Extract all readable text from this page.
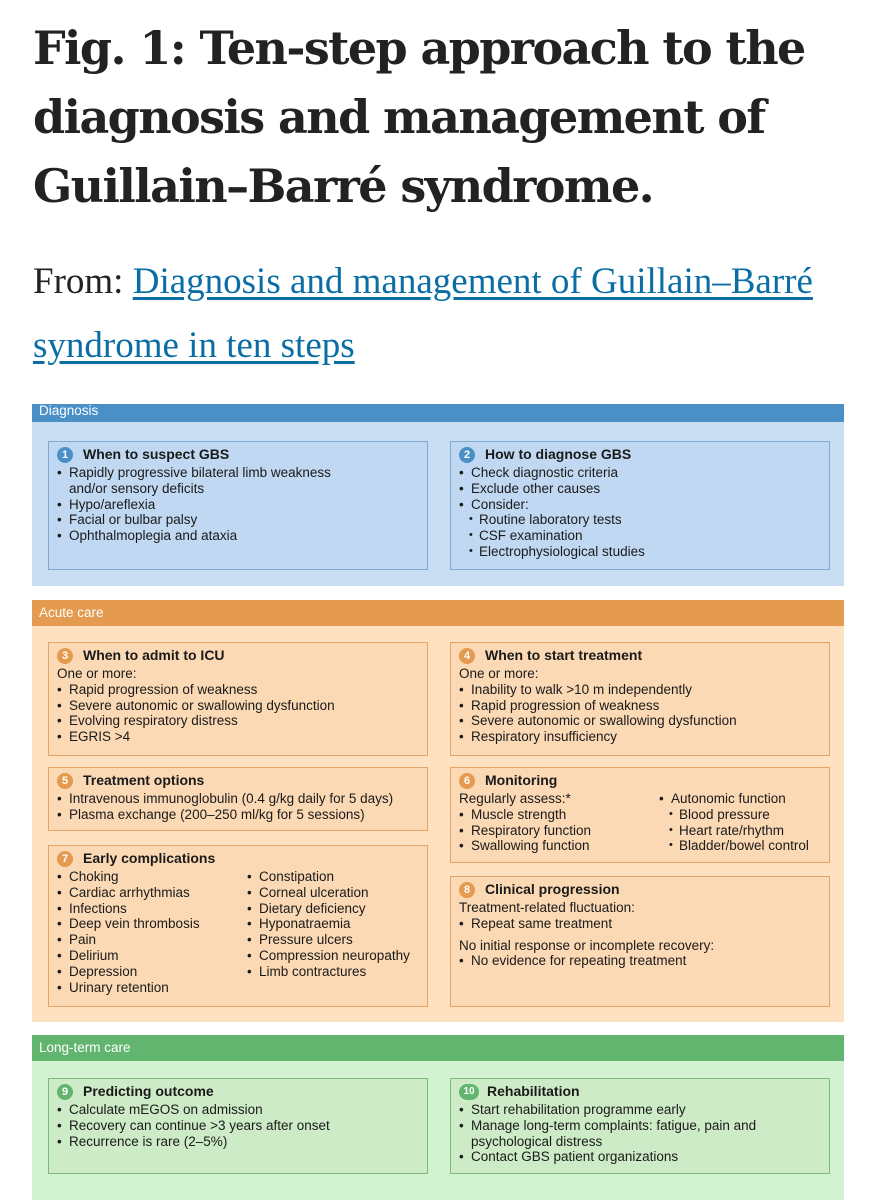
Fig. 1: Ten-step approach to the diagnosis and management of Guillain–Barré syndrome.

From: Diagnosis and management of Guillain–Barré syndrome in ten steps

Diagnosis
1	When to suspect GBS
• Rapidly progressive bilateral limb weakness
and/or sensory deficits
• Hypo/areflexia
• Facial or bulbar palsy
• Ophthalmoplegia and ataxia
2	How to diagnose GBS
• Check diagnostic criteria
• Exclude other causes
• Consider:
• Routine laboratory tests
• CSF examination
• Electrophysiological studies
Acute care
3	When to admit to ICU

One or more:

• Rapid progression of weakness
• Severe autonomic or swallowing dysfunction
• Evolving respiratory distress
• EGRIS >4
4	When to start treatment

One or more:

• Inability to walk >10 m independently
• Rapid progression of weakness
• Severe autonomic or swallowing dysfunction
• Respiratory insufficiency
5	Treatment options
• Intravenous immunoglobulin (0.4 g/kg daily for 5 days)
• Plasma exchange (200–250 ml/kg for 5 sessions)
6	Monitoring

Regularly assess:*

• Muscle strength
• Respiratory function
• Swallowing function
• Autonomic function
• Blood pressure
• Heart rate/rhythm
• Bladder/bowel control
7	Early complications
• Choking
• Cardiac arrhythmias
• Infections
• Deep vein thrombosis
• Pain
• Delirium
• Depression
• Urinary retention
• Constipation
• Corneal ulceration
• Dietary deficiency
• Hyponatraemia
• Pressure ulcers
• Compression neuropathy
• Limb contractures
8	Clinical progression

Treatment-related fluctuation:

• Repeat same treatment

No initial response or incomplete recovery:

• No evidence for repeating treatment
Long-term care
9	Predicting outcome
• Calculate mEGOS on admission
• Recovery can continue >3 years after onset
• Recurrence is rare (2–5%)
10 Rehabilitation
• Start rehabilitation programme early
• Manage long-term complaints: fatigue, pain and psychological distress
• Contact GBS patient organizations
